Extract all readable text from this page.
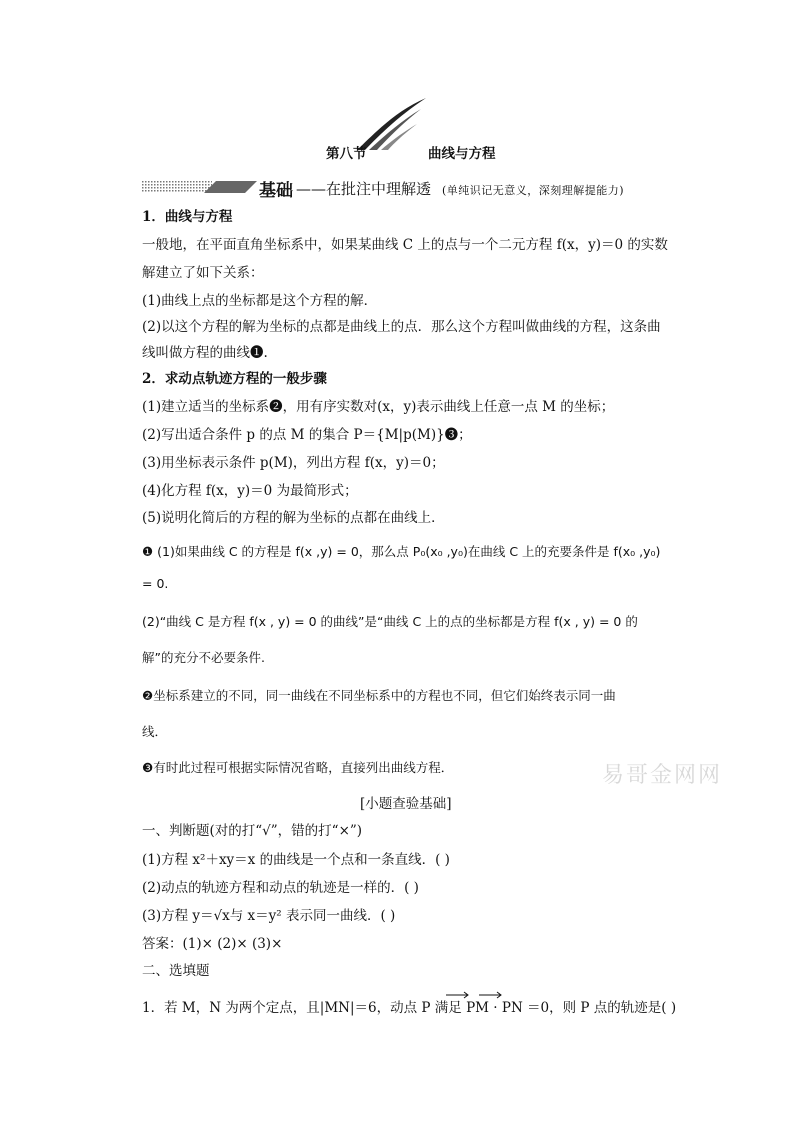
第八节	曲线与方程
基础 ——在批注中理解透 (单纯识记无意义，深刻理解提能力)
1．曲线与方程
一般地，在平面直角坐标系中，如果某曲线 C 上的点与一个二元方程 f(x，y)＝0 的实数
解建立了如下关系：
(1)曲线上点的坐标都是这个方程的解．
(2)以这个方程的解为坐标的点都是曲线上的点．那么这个方程叫做曲线的方程，这条曲
线叫做方程的曲线❶.
2．求动点轨迹方程的一般步骤
(1)建立适当的坐标系❷，用有序实数对(x，y)表示曲线上任意一点 M 的坐标；
(2)写出适合条件 p 的点 M 的集合 P＝{M|p(M)}❸；
(3)用坐标表示条件 p(M)，列出方程 f(x，y)＝0；
(4)化方程 f(x，y)＝0 为最简形式；
(5)说明化简后的方程的解为坐标的点都在曲线上．
❶ (1)如果曲线 C 的方程是 f(x ,y) = 0，那么点 P₀(x₀ ,y₀)在曲线 C 上的充要条件是 f(x₀ ,y₀)
= 0.
(2)“曲线 C 是方程 f(x , y) = 0 的曲线”是“曲线 C 上的点的坐标都是方程 f(x , y) = 0 的
解”的充分不必要条件.
❷坐标系建立的不同，同一曲线在不同坐标系中的方程也不同，但它们始终表示同一曲
线．
❸有时此过程可根据实际情况省略，直接列出曲线方程．	易哥金网网
[小题查验基础]
一、判断题(对的打“√”，错的打“×”)
(1)方程 x²＋xy＝x 的曲线是一个点和一条直线．( )
(2)动点的轨迹方程和动点的轨迹是一样的．( )
(3)方程 y＝√x与 x＝y² 表示同一曲线．( )
答案：(1)× (2)× (3)×
二、选填题
1．若 M，N 为两个定点，且|MN|＝6，动点 P 满足 PM · PN ＝0，则 P 点的轨迹是( )
